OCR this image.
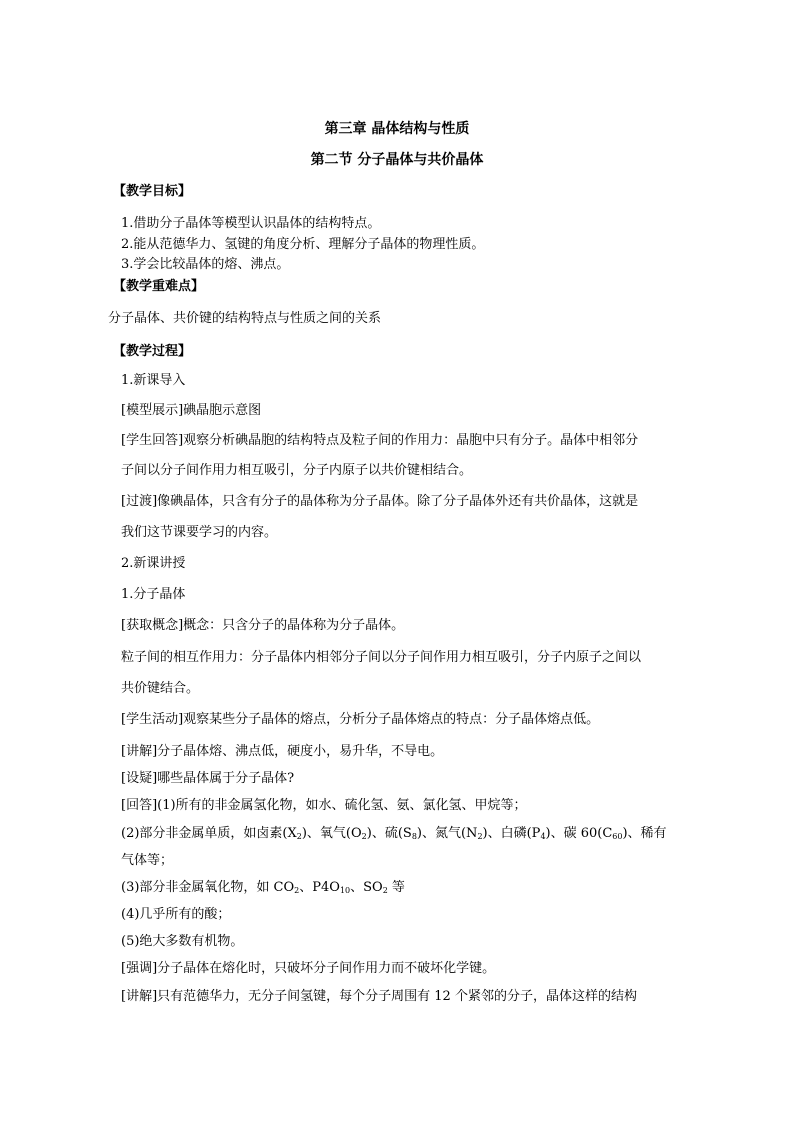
第三章 晶体结构与性质
第二节 分子晶体与共价晶体
【教学目标】
1.借助分子晶体等模型认识晶体的结构特点。
2.能从范德华力、氢键的角度分析、理解分子晶体的物理性质。
3.学会比较晶体的熔、沸点。
【教学重难点】
分子晶体、共价键的结构特点与性质之间的关系
【教学过程】
1.新课导入
[模型展示]碘晶胞示意图
[学生回答]观察分析碘晶胞的结构特点及粒子间的作用力：晶胞中只有分子。晶体中相邻分
子间以分子间作用力相互吸引，分子内原子以共价键相结合。
[过渡]像碘晶体，只含有分子的晶体称为分子晶体。除了分子晶体外还有共价晶体，这就是
我们这节课要学习的内容。
2.新课讲授
1.分子晶体
[获取概念]概念：只含分子的晶体称为分子晶体。
粒子间的相互作用力：分子晶体内相邻分子间以分子间作用力相互吸引，分子内原子之间以
共价键结合。
[学生活动]观察某些分子晶体的熔点，分析分子晶体熔点的特点：分子晶体熔点低。
[讲解]分子晶体熔、沸点低，硬度小，易升华，不导电。
[设疑]哪些晶体属于分子晶体?
[回答](1)所有的非金属氢化物，如水、硫化氢、氨、氯化氢、甲烷等；
(2)部分非金属单质，如卤素$(X_2)$、氧气$(O_2)$、硫$(S_8)$、氮气$(N_2)$、白磷$(P_4)$、碳 $60(C_{60})$、稀有
气体等；
(3)部分非金属氧化物，如 $CO_2$、$P4O_{10}$、$SO_2$ 等
(4)几乎所有的酸；
(5)绝大多数有机物。
[强调]分子晶体在熔化时，只破坏分子间作用力而不破坏化学键。
[讲解]只有范德华力，无分子间氢键，每个分子周围有 12 个紧邻的分子，晶体这样的结构
